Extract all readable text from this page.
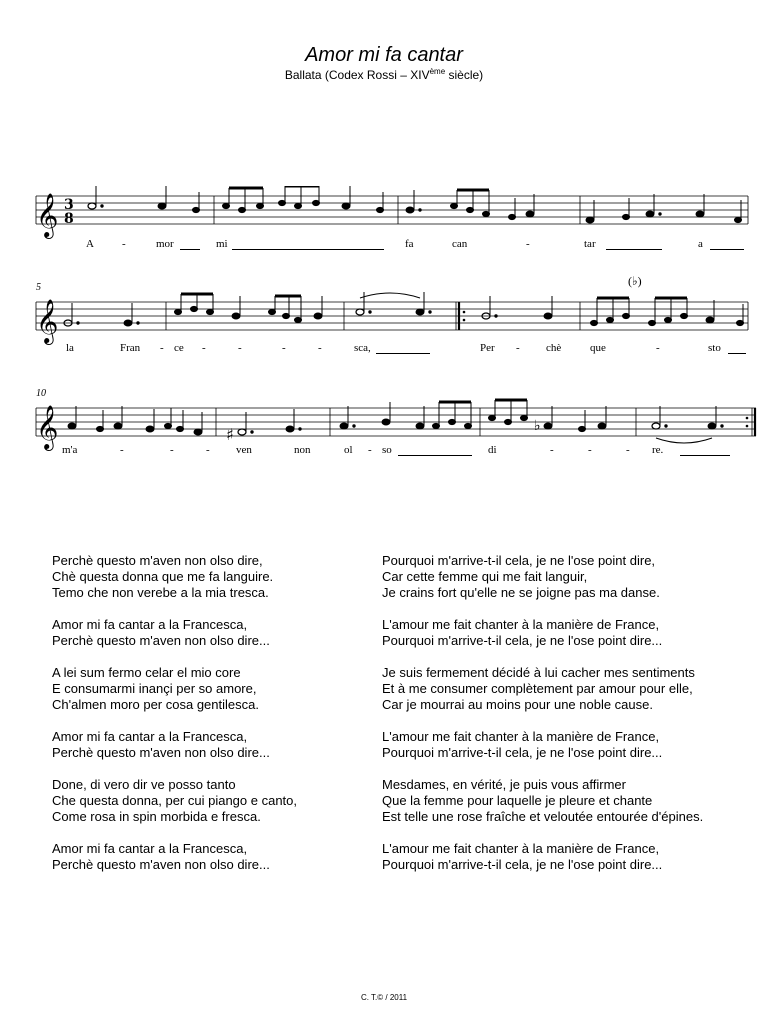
Amor mi fa cantar
Ballata (Codex Rossi – XIVème siècle)
𝄞 3
8
A	-	mor	mi	fa	can	-	tar	a
5	(♭)
𝄞
la	Fran - ce -	-	-	-	sca,	Per - chè	que	-	sto
10
𝄞	♯	♭
m'a	-	-	- ven	non	ol - so	di	-	-	- re.
Perchè questo m'aven non olso dire,
Chè questa donna que me fa languire.
Temo che non verebe a la mia tresca.
Pourquoi m'arrive-t-il cela, je ne l'ose point dire,
Car cette femme qui me fait languir,
Je crains fort qu'elle ne se joigne pas ma danse.
Amor mi fa cantar a la Francesca,
Perchè questo m'aven non olso dire...
L'amour me fait chanter à la manière de France,
Pourquoi m'arrive-t-il cela, je ne l'ose point dire...
A lei sum fermo celar el mio core
E consumarmi inançi per so amore,
Ch'almen moro per cosa gentilesca.
Je suis fermement décidé à lui cacher mes sentiments
Et à me consumer complètement par amour pour elle,
Car je mourrai au moins pour une noble cause.
Amor mi fa cantar a la Francesca,
Perchè questo m'aven non olso dire...
L'amour me fait chanter à la manière de France,
Pourquoi m'arrive-t-il cela, je ne l'ose point dire...
Done, di vero dir ve posso tanto
Che questa donna, per cui piango e canto,
Come rosa in spin morbida e fresca.
Mesdames, en vérité, je puis vous affirmer
Que la femme pour laquelle je pleure et chante
Est telle une rose fraîche et veloutée entourée d'épines.
Amor mi fa cantar a la Francesca,
Perchè questo m'aven non olso dire...
L'amour me fait chanter à la manière de France,
Pourquoi m'arrive-t-il cela, je ne l'ose point dire...
C. T.© / 2011
